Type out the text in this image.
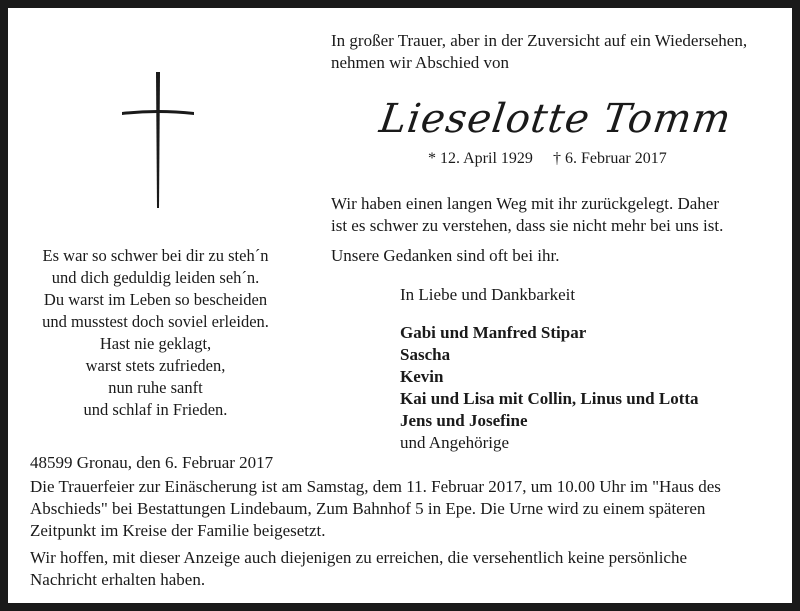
In großer Trauer, aber in der Zuversicht auf ein Wiedersehen,
nehmen wir Abschied von
Lieselotte Tomm
* 12. April 1929 † 6. Februar 2017
Wir haben einen langen Weg mit ihr zurückgelegt. Daher
ist es schwer zu verstehen, dass sie nicht mehr bei uns ist.
Unsere Gedanken sind oft bei ihr.
In Liebe und Dankbarkeit
Gabi und Manfred Stipar
Sascha
Kevin
Kai und Lisa mit Collin, Linus und Lotta
Jens und Josefine
und Angehörige
Es war so schwer bei dir zu steh´n
und dich geduldig leiden seh´n.
Du warst im Leben so bescheiden
und musstest doch soviel erleiden.
Hast nie geklagt,
warst stets zufrieden,
nun ruhe sanft
und schlaf in Frieden.
48599 Gronau, den 6. Februar 2017
Die Trauerfeier zur Einäscherung ist am Samstag, dem 11. Februar 2017, um 10.00 Uhr im "Haus des
Abschieds" bei Bestattungen Lindebaum, Zum Bahnhof 5 in Epe. Die Urne wird zu einem späteren
Zeitpunkt im Kreise der Familie beigesetzt.
Wir hoffen, mit dieser Anzeige auch diejenigen zu erreichen, die versehentlich keine persönliche
Nachricht erhalten haben.
